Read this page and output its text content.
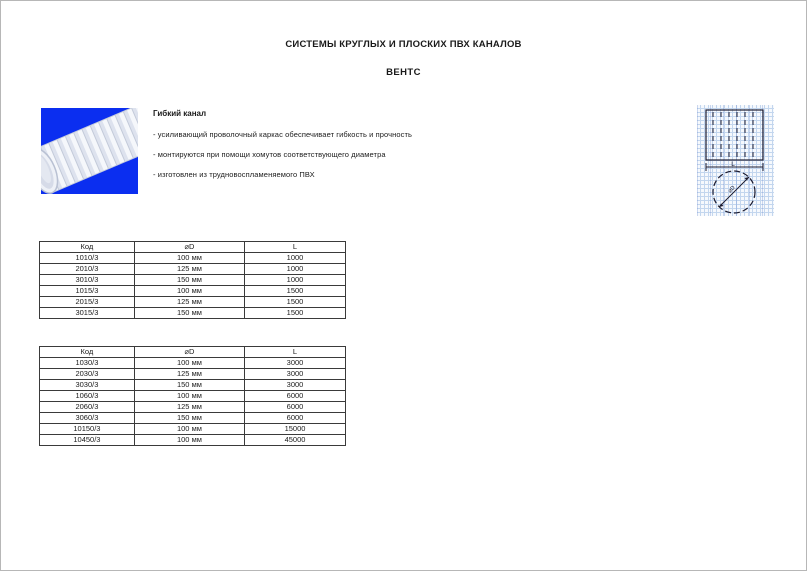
СИСТЕМЫ КРУГЛЫХ И ПЛОСКИХ ПВХ КАНАЛОВ
ВЕНТС
Гибкий канал
- усиливающий проволочный каркас обеспечивает гибкость и прочность
- монтируются при помощи хомутов соответствующего диаметра
- изготовлен из трудновоспламеняемого ПВХ
L
⌀D
Код	⌀D	L
1010/3	100 мм	1000
2010/3	125 мм	1000
3010/3	150 мм	1000
1015/3	100 мм	1500
2015/3	125 мм	1500
3015/3	150 мм	1500
Код	⌀D	L
1030/3	100 мм	3000
2030/3	125 мм	3000
3030/3	150 мм	3000
1060/3	100 мм	6000
2060/3	125 мм	6000
3060/3	150 мм	6000
10150/3	100 мм	15000
10450/3	100 мм	45000
